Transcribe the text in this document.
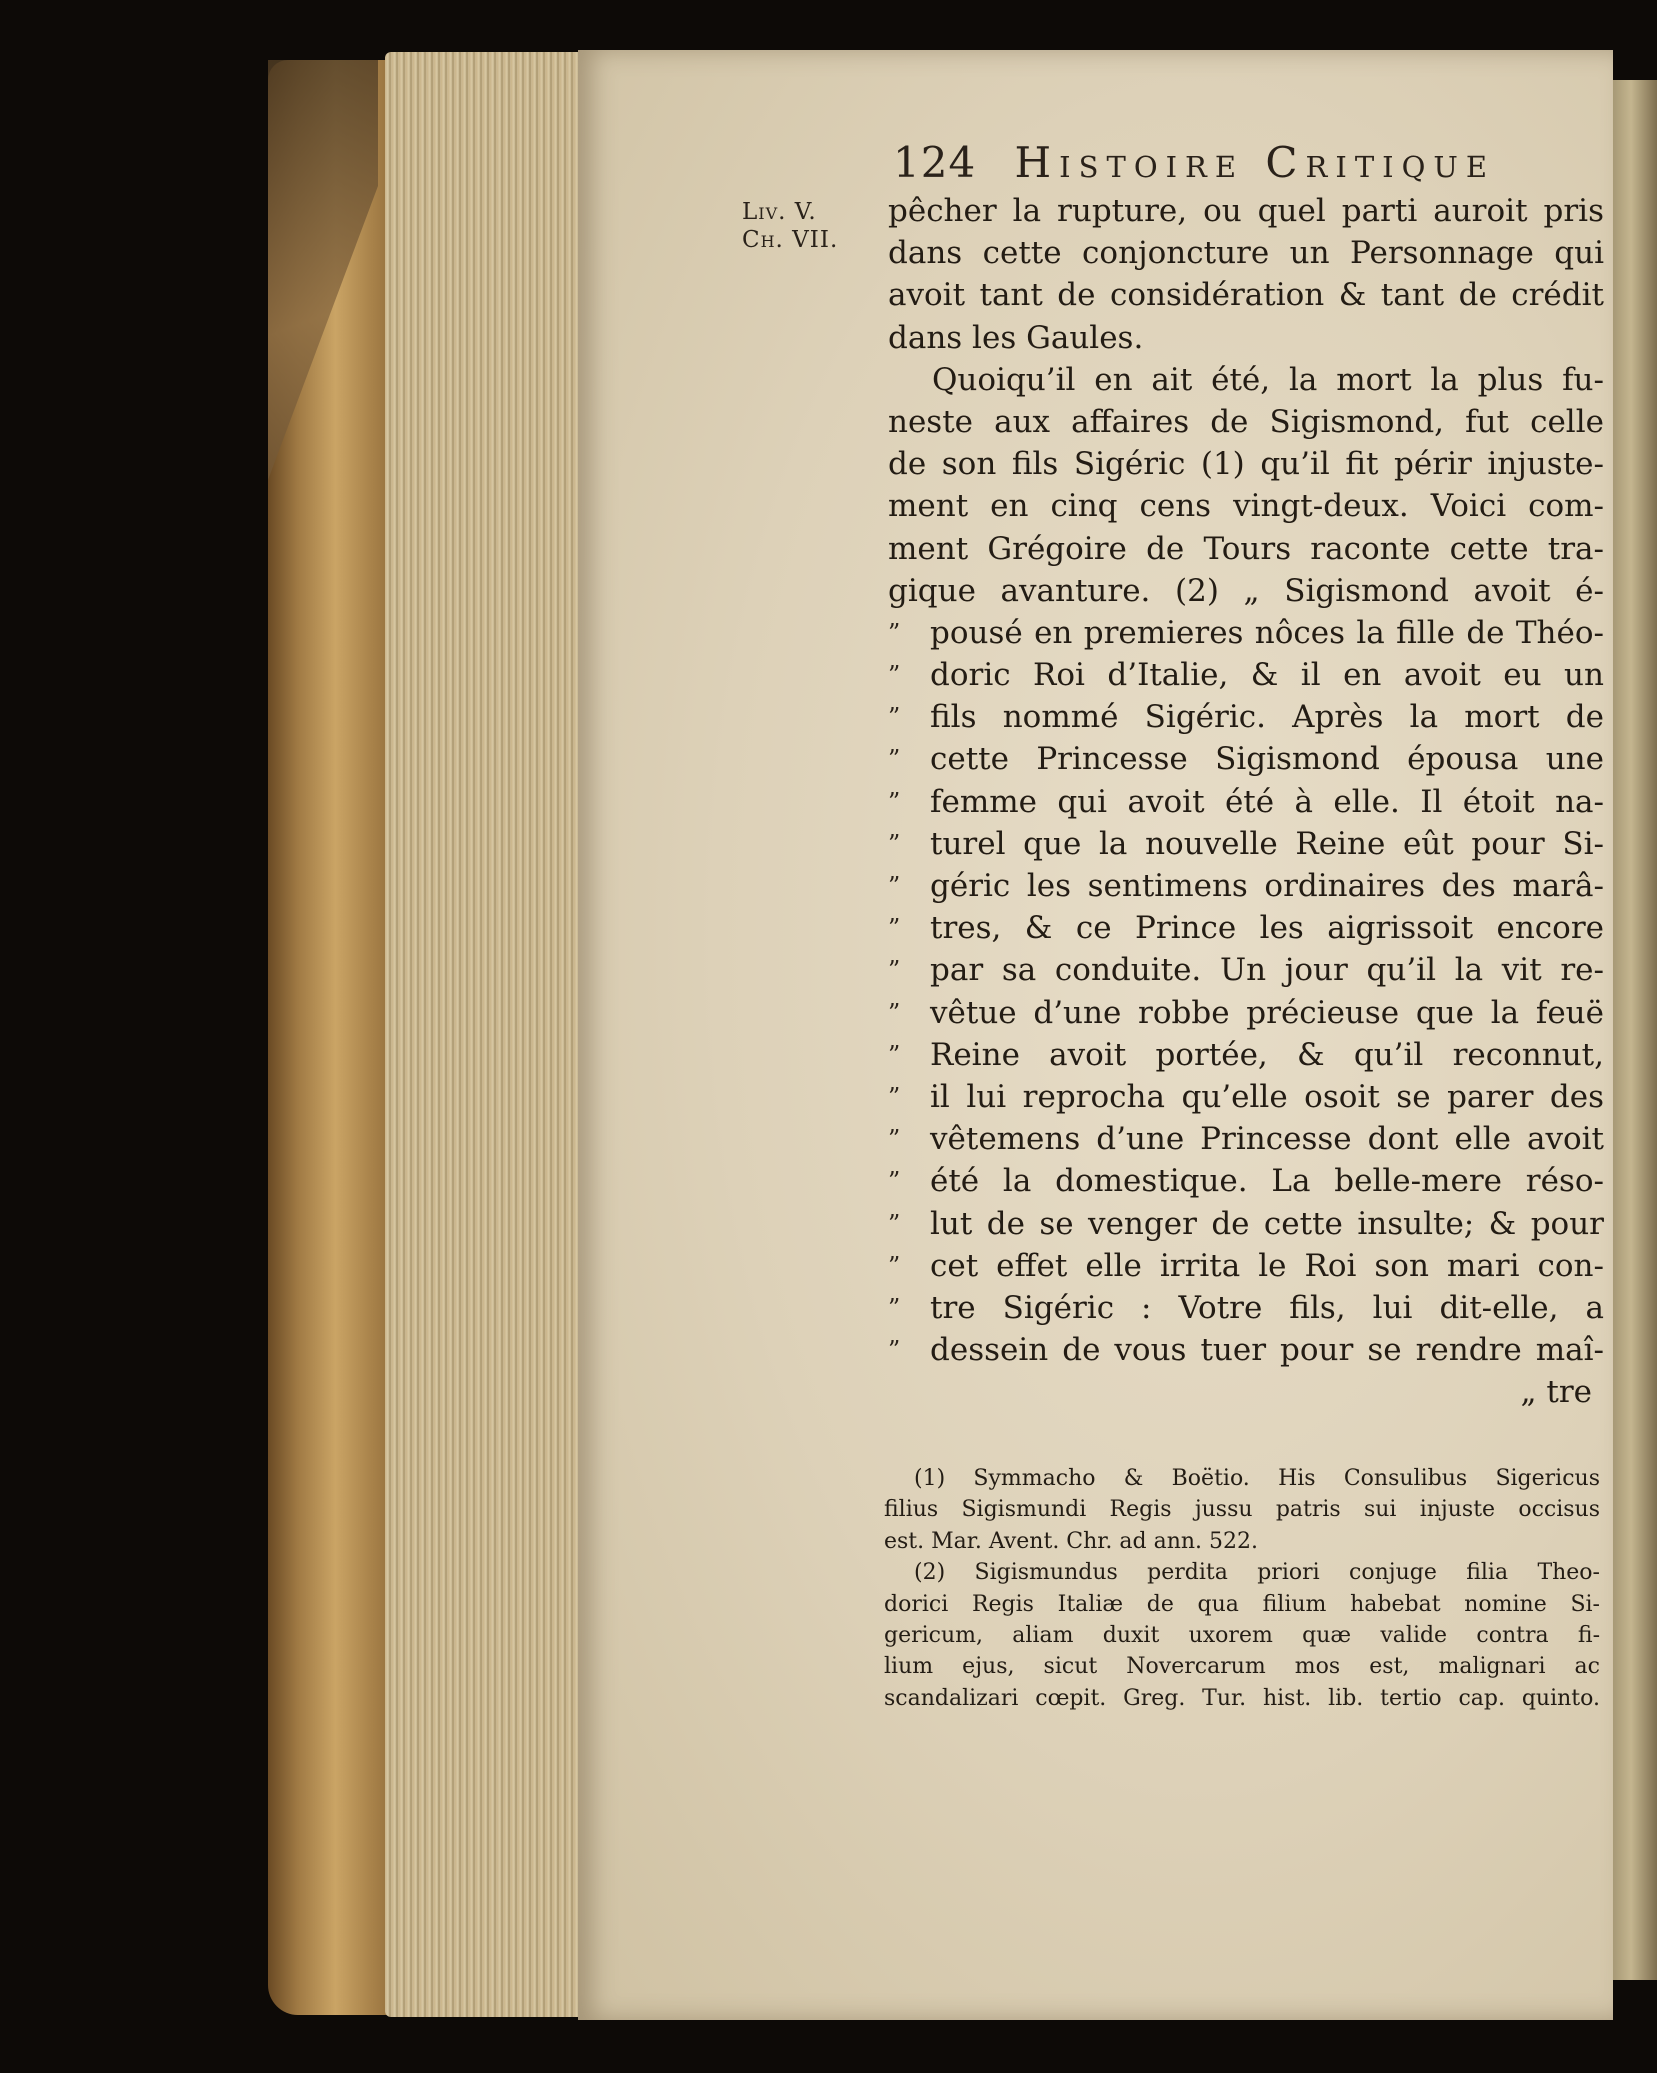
124 Histoire Critique
Liv. V.
Ch. VII.
pêcher la rupture, ou quel parti auroit pris
dans cette conjoncture un Personnage qui
avoit tant de considération & tant de crédit
dans les Gaules.
Quoiqu’il en ait été, la mort la plus fu-
neste aux affaires de Sigismond, fut celle
de son fils Sigéric (1) qu’il fit périr injuste-
ment en cinq cens vingt-deux. Voici com-
ment Grégoire de Tours raconte cette tra-
gique avanture. (2) „ Sigismond avoit é-
” pousé en premieres nôces la fille de Théo-
” doric Roi d’Italie, & il en avoit eu un
” fils nommé Sigéric. Après la mort de
” cette Princesse Sigismond épousa une
” femme qui avoit été à elle. Il étoit na-
” turel que la nouvelle Reine eût pour Si-
” géric les sentimens ordinaires des marâ-
” tres, & ce Prince les aigrissoit encore
” par sa conduite. Un jour qu’il la vit re-
” vêtue d’une robbe précieuse que la feuë
” Reine avoit portée, & qu’il reconnut,
” il lui reprocha qu’elle osoit se parer des
” vêtemens d’une Princesse dont elle avoit
” été la domestique. La belle-mere réso-
” lut de se venger de cette insulte; & pour
” cet effet elle irrita le Roi son mari con-
” tre Sigéric : Votre fils, lui dit-elle, a
” dessein de vous tuer pour se rendre maî-
„ tre
(1) Symmacho & Boëtio. His Consulibus Sigericus
filius Sigismundi Regis jussu patris sui injuste occisus
est. Mar. Avent. Chr. ad ann. 522.
(2) Sigismundus perdita priori conjuge filia Theo-
dorici Regis Italiæ de qua filium habebat nomine Si-
gericum, aliam duxit uxorem quæ valide contra fi-
lium ejus, sicut Novercarum mos est, malignari ac
scandalizari cœpit. Greg. Tur. hist. lib. tertio cap. quinto.
